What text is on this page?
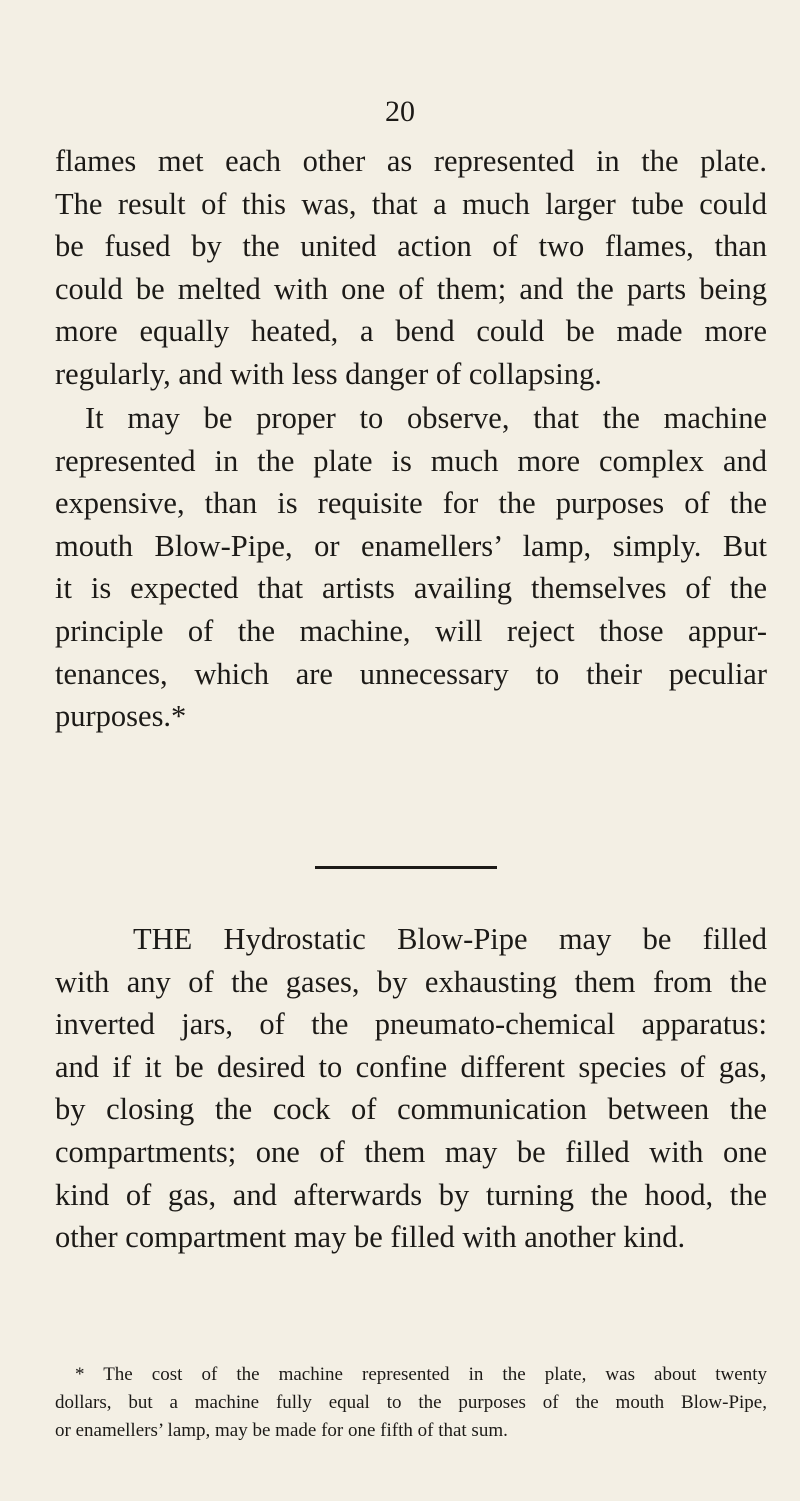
20
flames met each other as represented in the plate.
The result of this was, that a much larger tube could
be fused by the united action of two flames, than
could be melted with one of them; and the parts being
more equally heated, a bend could be made more
regularly, and with less danger of collapsing.
It may be proper to observe, that the machine
represented in the plate is much more complex and
expensive, than is requisite for the purposes of the
mouth Blow-Pipe, or enamellers’ lamp, simply. But
it is expected that artists availing themselves of the
principle of the machine, will reject those appur-
tenances, which are unnecessary to their peculiar
purposes.*
THE Hydrostatic Blow-Pipe may be filled
with any of the gases, by exhausting them from the
inverted jars, of the pneumato-chemical apparatus:
and if it be desired to confine different species of gas,
by closing the cock of communication between the
compartments; one of them may be filled with one
kind of gas, and afterwards by turning the hood, the
other compartment may be filled with another kind.
* The cost of the machine represented in the plate, was about twenty
dollars, but a machine fully equal to the purposes of the mouth Blow-Pipe,
or enamellers’ lamp, may be made for one fifth of that sum.
